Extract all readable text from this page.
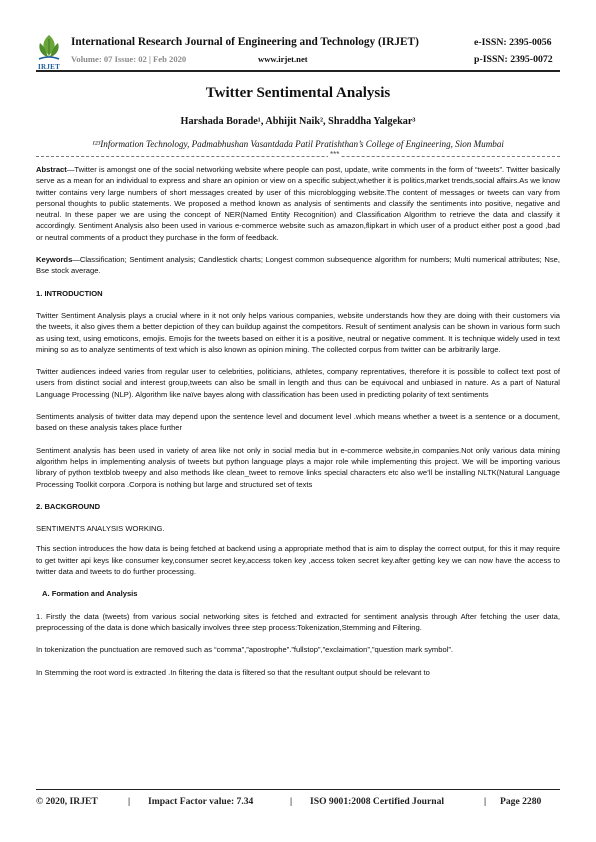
IRJET
International Research Journal of Engineering and Technology (IRJET)	e-ISSN: 2395-0056
Volume: 07 Issue: 02 | Feb 2020	www.irjet.net	p-ISSN: 2395-0072
Twitter Sentimental Analysis
Harshada Borade¹, Abhijit Naik², Shraddha Yalgekar³
¹²³Information Technology, Padmabhushan Vasantdada Patil Pratishthan’s College of Engineering, Sion Mumbai
***

Abstract—Twitter is amongst one of the social networking website where people can post, update, write comments in the form of “tweets”. Twitter basically serve as a mean for an individual to express and share an opinion or view on a specific subject,whether it is politics,market trends,social affairs.As we know twitter contains very large numbers of short messages created by user of this microblogging website.The content of messages or tweets can vary from personal thoughts to public statements. We proposed a method known as analysis of sentiments and classify the sentiments into positive, negative and neutral. In these paper we are using the concept of NER(Named Entity Recognition) and Classification Algorithm to retrieve the data and classify it accordingly. Sentiment Analysis also been used in various e-commerce website such as amazon,flipkart in which user of a product either post a good ,bad or neutral comments of a product they purchase in the form of feedback.

Keywords—Classification; Sentiment analysis; Candlestick charts; Longest common subsequence algorithm for numbers; Multi numerical attributes; Nse, Bse stock average.

1. INTRODUCTION

Twitter Sentiment Analysis plays a crucial where in it not only helps various companies, website understands how they are doing with their customers via the tweets, it also gives them a better depiction of they can buildup against the competitors. Result of sentiment analysis can be shown in various form such as using text, using emoticons, emojis. Emojis for the tweets based on either it is a positive, neutral or negative comment. It is technique widely used in text mining so as to analyze sentiments of text which is also known as opinion mining. The collected corpus from twitter can be arbitrarily large.

Twitter audiences indeed varies from regular user to celebrities, politicians, athletes, company reprentatives, therefore it is possible to collect text post of users from distinct social and interest group,tweets can also be small in length and thus can be equivocal and unbiased in nature. As a part of Natural Language Processing (NLP). Algorithm like naïve bayes along with classification has been used in predicting polarity of text sentiments

Sentiments analysis of twitter data may depend upon the sentence level and document level .which means whether a tweet is a sentence or a document, based on these analysis takes place further

Sentiment analysis has been used in variety of area like not only in social media but in e-commerce website,in companies.Not only various data mining algorithm helps in implementing analysis of tweets but python language plays a major role while implementing this project. We will be importing various library of python textblob tweepy and also methods like clean_tweet to remove links special characters etc also we’ll be installing NLTK(Natural Language Processing Toolkit corpora .Corpora is nothing but large and structured set of texts

2. BACKGROUND

SENTIMENTS ANALYSIS WORKING.

This section introduces the how data is being fetched at backend using a appropriate method that is aim to display the correct output, for this it may require to get twitter api keys like consumer key,consumer secret key,access token key ,access token secret key.after getting key we can now have the access to twitter data and tweets to do further processing.

A. Formation and Analysis

1. Firstly the data (tweets) from various social networking sites is fetched and extracted for sentiment analysis through After fetching the user data, preprocessing of the data is done which basically involves three step process:Tokenization,Stemming and Filtering.

In tokenization the punctuation are removed such as “comma”,”apostrophe”.”fullstop”,”exclaimation”,”question mark symbol”.

In Stemming the root word is extracted .In filtering the data is filtered so that the resultant output should be relevant to

© 2020, IRJET	| Impact Factor value: 7.34	| ISO 9001:2008 Certified Journal	| Page 2280
